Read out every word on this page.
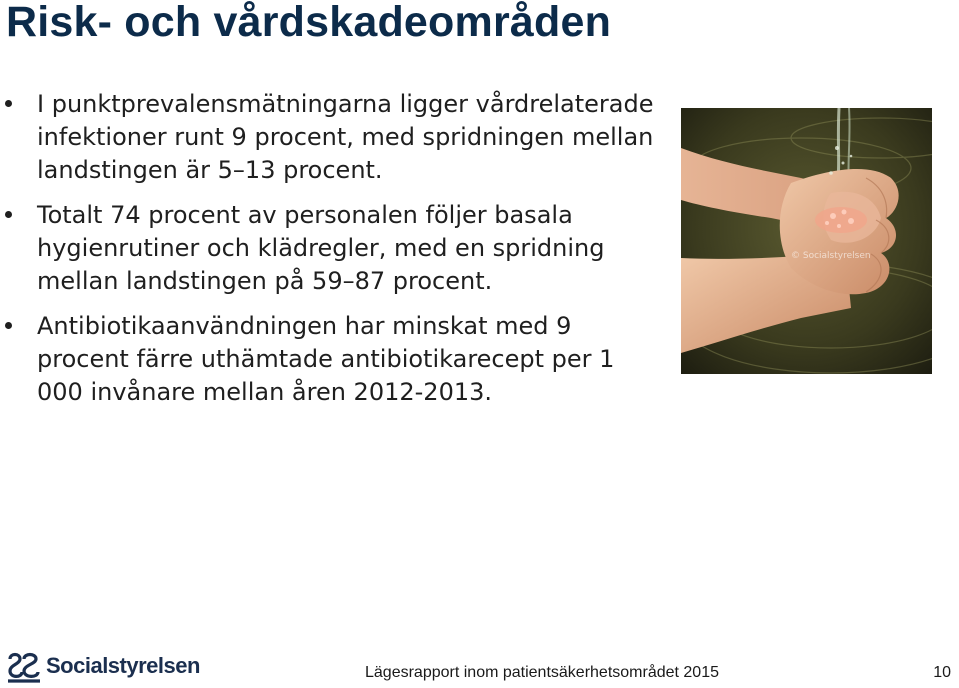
Risk- och vårdskadeområden
I punktprevalensmätningarna ligger vårdrelaterade infektioner runt 9 procent, med spridningen mellan landstingen är 5–13 procent.
Totalt 74 procent av personalen följer basala hygienrutiner och klädregler, med en spridning mellan landstingen på 59–87 procent.
Antibiotikaanvändningen har minskat med 9 procent färre uthämtade antibiotikarecept per 1 000 invånare mellan åren 2012-2013.
© Socialstyrelsen
Socialstyrelsen	Lägesrapport inom patientsäkerhetsområdet 2015	10
